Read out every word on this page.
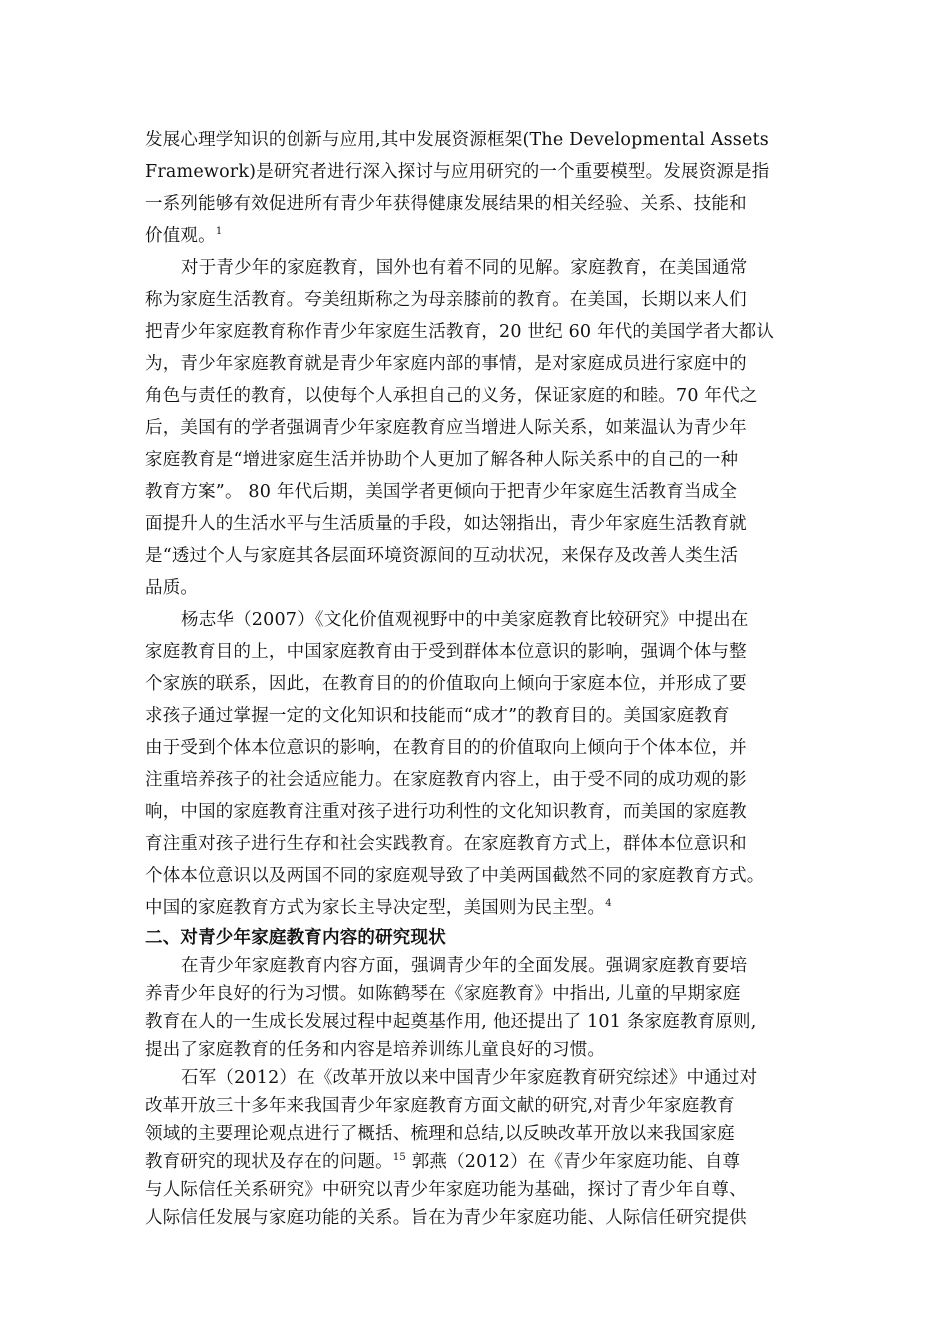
发展心理学知识的创新与应用,其中发展资源框架(The Developmental Assets
Framework)是研究者进行深入探讨与应用研究的一个重要模型。发展资源是指
一系列能够有效促进所有青少年获得健康发展结果的相关经验、关系、技能和
价值观。$^1$
对于青少年的家庭教育，国外也有着不同的见解。家庭教育，在美国通常
称为家庭生活教育。夸美纽斯称之为母亲膝前的教育。在美国，长期以来人们
把青少年家庭教育称作青少年家庭生活教育，20 世纪 60 年代的美国学者大都认
为，青少年家庭教育就是青少年家庭内部的事情，是对家庭成员进行家庭中的
角色与责任的教育，以使每个人承担自己的义务，保证家庭的和睦。70 年代之
后，美国有的学者强调青少年家庭教育应当增进人际关系，如莱温认为青少年
家庭教育是“增进家庭生活并协助个人更加了解各种人际关系中的自己的一种
教育方案”。 80 年代后期，美国学者更倾向于把青少年家庭生活教育当成全
面提升人的生活水平与生活质量的手段，如达翎指出，青少年家庭生活教育就
是“透过个人与家庭其各层面环境资源间的互动状况，来保存及改善人类生活
品质。
杨志华（2007）《文化价值观视野中的中美家庭教育比较研究》中提出在
家庭教育目的上，中国家庭教育由于受到群体本位意识的影响，强调个体与整
个家族的联系，因此，在教育目的的价值取向上倾向于家庭本位，并形成了要
求孩子通过掌握一定的文化知识和技能而“成才”的教育目的。美国家庭教育
由于受到个体本位意识的影响，在教育目的的价值取向上倾向于个体本位，并
注重培养孩子的社会适应能力。在家庭教育内容上，由于受不同的成功观的影
响，中国的家庭教育注重对孩子进行功利性的文化知识教育，而美国的家庭教
育注重对孩子进行生存和社会实践教育。在家庭教育方式上，群体本位意识和
个体本位意识以及两国不同的家庭观导致了中美两国截然不同的家庭教育方式。
中国的家庭教育方式为家长主导决定型，美国则为民主型。$^4$
二、对青少年家庭教育内容的研究现状
在青少年家庭教育内容方面，强调青少年的全面发展。强调家庭教育要培
养青少年良好的行为习惯。如陈鹤琴在《家庭教育》中指出, 儿童的早期家庭
教育在人的一生成长发展过程中起奠基作用, 他还提出了 101 条家庭教育原则,
提出了家庭教育的任务和内容是培养训练儿童良好的习惯。
石军（2012）在《改革开放以来中国青少年家庭教育研究综述》中通过对
改革开放三十多年来我国青少年家庭教育方面文献的研究,对青少年家庭教育
领域的主要理论观点进行了概括、梳理和总结,以反映改革开放以来我国家庭
教育研究的现状及存在的问题。$^{15}$ 郭燕（2012）在《青少年家庭功能、自尊
与人际信任关系研究》中研究以青少年家庭功能为基础，探讨了青少年自尊、
人际信任发展与家庭功能的关系。旨在为青少年家庭功能、人际信任研究提供
